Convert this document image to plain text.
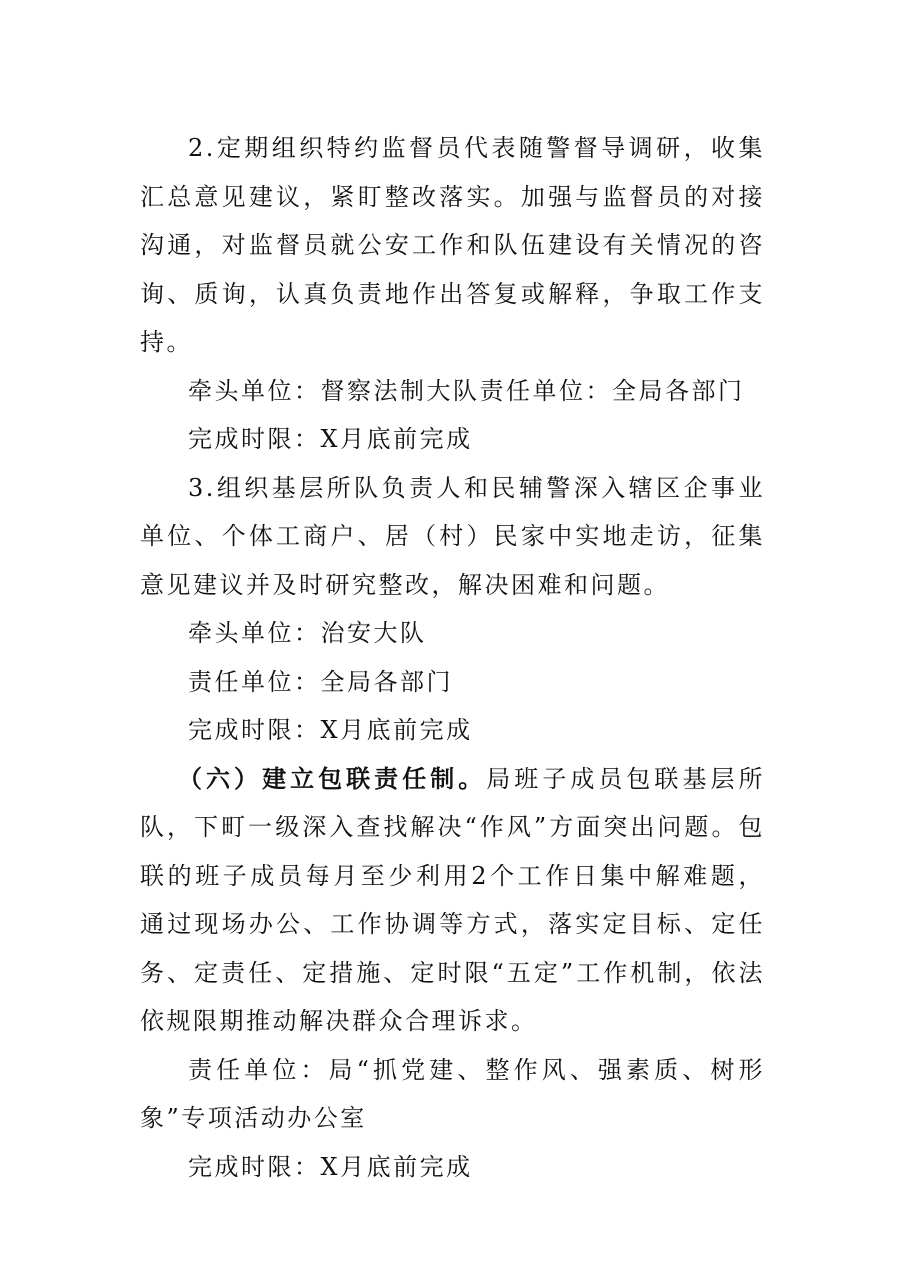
2.定期组织特约监督员代表随警督导调研，收集汇总意见建议，紧盯整改落实。加强与监督员的对接沟通，对监督员就公安工作和队伍建设有关情况的咨询、质询，认真负责地作出答复或解释，争取工作支持。

牵头单位：督察法制大队责任单位：全局各部门

完成时限：X月底前完成

3.组织基层所队负责人和民辅警深入辖区企事业单位、个体工商户、居（村）民家中实地走访，征集意见建议并及时研究整改，解决困难和问题。

牵头单位：治安大队

责任单位：全局各部门

完成时限：X月底前完成

（六）建立包联责任制。局班子成员包联基层所队，下町一级深入查找解决“作风”方面突出问题。包联的班子成员每月至少利用2个工作日集中解难题，通过现场办公、工作协调等方式，落实定目标、定任务、定责任、定措施、定时限“五定”工作机制，依法依规限期推动解决群众合理诉求。

责任单位：局“抓党建、整作风、强素质、树形象”专项活动办公室

完成时限：X月底前完成
